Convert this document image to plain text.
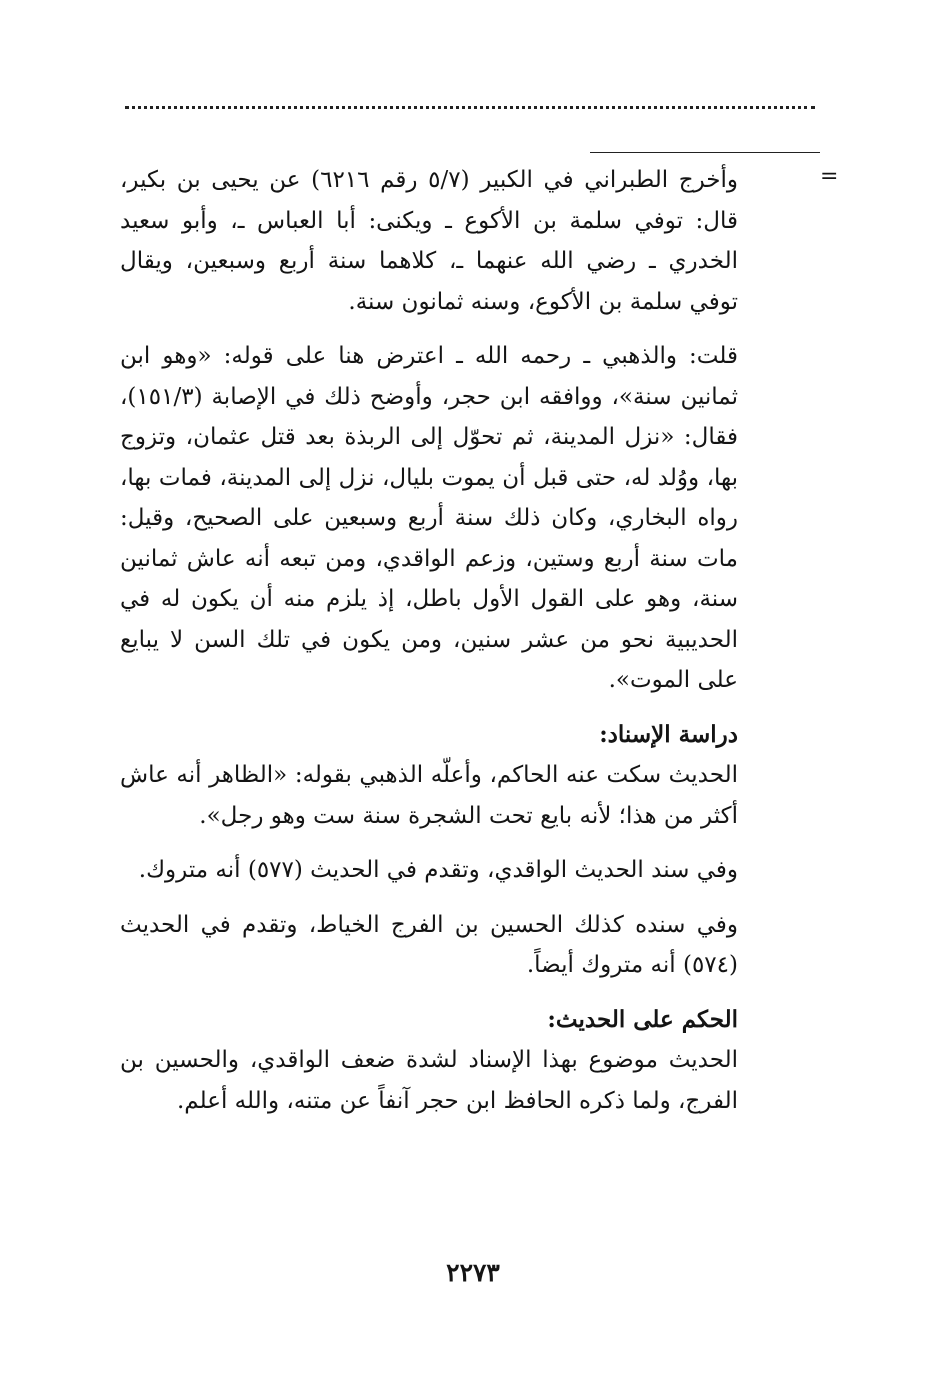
=

وأخرج الطبراني في الكبير (٥/٧ رقم ٦٢١٦) عن يحيى بن بكير، قال: توفي سلمة بن الأكوع ـ ويكنى: أبا العباس ـ، وأبو سعيد الخدري ـ رضي الله عنهما ـ، كلاهما سنة أربع وسبعين، ويقال توفي سلمة بن الأكوع، وسنه ثمانون سنة.

قلت: والذهبي ـ رحمه الله ـ اعترض هنا على قوله: «وهو ابن ثمانين سنة»، ووافقه ابن حجر، وأوضح ذلك في الإصابة (١٥١/٣)، فقال: «نزل المدينة، ثم تحوّل إلى الربذة بعد قتل عثمان، وتزوج بها، ووُلد له، حتى قبل أن يموت بليال، نزل إلى المدينة، فمات بها، رواه البخاري، وكان ذلك سنة أربع وسبعين على الصحيح، وقيل: مات سنة أربع وستين، وزعم الواقدي، ومن تبعه أنه عاش ثمانين سنة، وهو على القول الأول باطل، إذ يلزم منه أن يكون له في الحديبية نحو من عشر سنين، ومن يكون في تلك السن لا يبايع على الموت».

دراسة الإسناد:

الحديث سكت عنه الحاكم، وأعلّه الذهبي بقوله: «الظاهر أنه عاش أكثر من هذا؛ لأنه بايع تحت الشجرة سنة ست وهو رجل».

وفي سند الحديث الواقدي، وتقدم في الحديث (٥٧٧) أنه متروك.

وفي سنده كذلك الحسين بن الفرج الخياط، وتقدم في الحديث (٥٧٤) أنه متروك أيضاً.

الحكم على الحديث:

الحديث موضوع بهذا الإسناد لشدة ضعف الواقدي، والحسين بن الفرج، ولما ذكره الحافظ ابن حجر آنفاً عن متنه، والله أعلم.

٢٢٧٣
